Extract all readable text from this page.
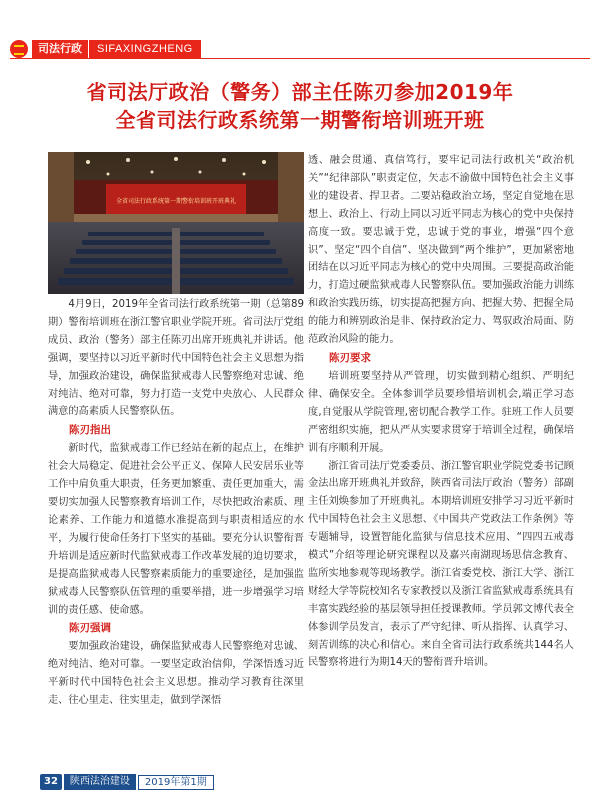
司法行政	SIFAXINGZHENG
省司法厅政治（警务）部主任陈刃参加2019年
全省司法行政系统第一期警衔培训班开班
全省司法行政系统第一期警衔培训班开班典礼

4月9日，2019年全省司法行政系统第一期（总第89期）警衔培训班在浙江警官职业学院开班。省司法厅党组成员、政治（警务）部主任陈刃出席开班典礼并讲话。他强调，要坚持以习近平新时代中国特色社会主义思想为指导，加强政治建设，确保监狱戒毒人民警察绝对忠诚、绝对纯洁、绝对可靠，努力打造一支党中央放心、人民群众满意的高素质人民警察队伍。

陈刃指出

新时代，监狱戒毒工作已经站在新的起点上，在维护社会大局稳定、促进社会公平正义、保障人民安居乐业等工作中肩负重大职责，任务更加繁重、责任更加重大，需要切实加强人民警察教育培训工作，尽快把政治素质、理论素养、工作能力和道德水准提高到与职责相适应的水平，为履行使命任务打下坚实的基础。要充分认识警衔晋升培训是适应新时代监狱戒毒工作改革发展的迫切要求，是提高监狱戒毒人民警察素质能力的重要途径，是加强监狱戒毒人民警察队伍管理的重要举措，进一步增强学习培训的责任感、使命感。

陈刃强调

要加强政治建设，确保监狱戒毒人民警察绝对忠诚、绝对纯洁、绝对可靠。一要坚定政治信仰，学深悟透习近平新时代中国特色社会主义思想。推动学习教育往深里走、往心里走、往实里走，做到学深悟

透、融会贯通、真信笃行，要牢记司法行政机关“政治机关”“纪律部队”职责定位，矢志不渝做中国特色社会主义事业的建设者、捍卫者。二要站稳政治立场，坚定自觉地在思想上、政治上、行动上同以习近平同志为核心的党中央保持高度一致。要忠诚于党，忠诚于党的事业，增强“四个意识”、坚定“四个自信”、坚决做到“两个维护”，更加紧密地团结在以习近平同志为核心的党中央周围。三要提高政治能力，打造过硬监狱戒毒人民警察队伍。要加强政治能力训练和政治实践历练，切实提高把握方向、把握大势、把握全局的能力和辨别政治是非、保持政治定力、驾驭政治局面、防范政治风险的能力。

陈刃要求

培训班要坚持从严管理，切实做到精心组织、严明纪律、确保安全。全体参训学员要珍惜培训机会,端正学习态度,自觉服从学院管理,密切配合教学工作。驻班工作人员要严密组织实施，把从严从实要求贯穿于培训全过程，确保培训有序顺利开展。

浙江省司法厅党委委员、浙江警官职业学院党委书记顾金法出席开班典礼并致辞，陕西省司法厅政治（警务）部副主任刘焕参加了开班典礼。本期培训班安排学习习近平新时代中国特色社会主义思想、《中国共产党政法工作条例》等专题辅导，设置智能化监狱与信息技术应用、“四四五戒毒模式”介绍等理论研究课程以及嘉兴南湖现场思信念教育、监所实地参观等现场教学。浙江省委党校、浙江大学、浙江财经大学等院校知名专家教授以及浙江省监狱戒毒系统具有丰富实践经验的基层领导担任授课教师。学员郭文博代表全体参训学员发言，表示了严守纪律、听从指挥、认真学习、刻苦训练的决心和信心。来自全省司法行政系统共144名人民警察将进行为期14天的警衔晋升培训。

32	陕西法治建设	2019年第1期
